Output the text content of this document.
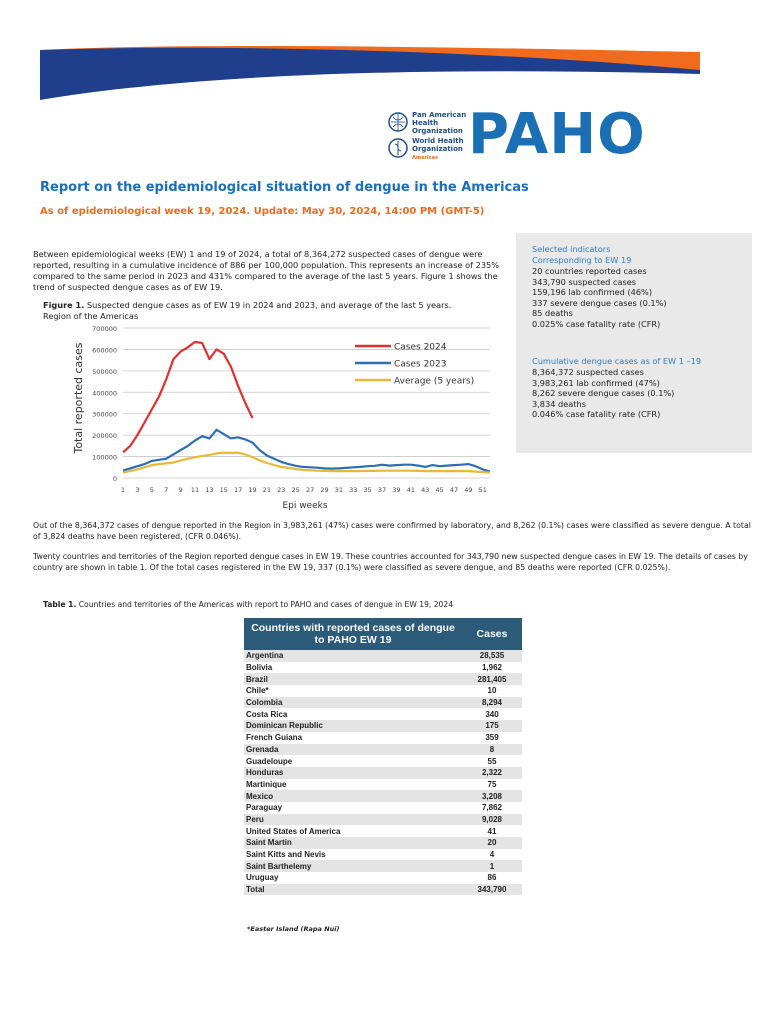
Pan American
Health
Organization
World Health
Organization
Americas PAHO
Report on the epidemiological situation of dengue in the Americas
As of epidemiological week 19, 2024. Update: May 30, 2024, 14:00 PM (GMT-5)
Between epidemiological weeks (EW) 1 and 19 of 2024, a total of 8,364,272 suspected cases of dengue were reported, resulting in a cumulative incidence of 886 per 100,000 population. This represents an increase of 235% compared to the same period in 2023 and 431% compared to the average of the last 5 years. Figure 1 shows the trend of suspected dengue cases as of EW 19.
Selected indicators
Corresponding to EW 19
20 countries reported cases
343,790 suspected cases
159,196 lab confirmed (46%)
337 severe dengue cases (0.1%)
85 deaths
0.025% case fatality rate (CFR)
Cumulative dengue cases as of EW 1 –19
8,364,372 suspected cases
3,983,261 lab confirmed (47%)
8,262 severe dengue cases (0.1%)
3,834 deaths
0.046% case fatality rate (CFR)
Figure 1. Suspected dengue cases as of EW 19 in 2024 and 2023, and average of the last 5 years.
Region of the Americas
0
100000
200000
300000
400000
500000
600000
700000
1 3 5 7 9 11 13 15 17 19 21 23 25 27 29 31 33 35 37 39 41 43 45 47 49 51
Cases 2024
Cases 2023
Average (5 years)
Total reported cases
Epi weeks
Out of the 8,364,372 cases of dengue reported in the Region in 3,983,261 (47%) cases were confirmed by laboratory, and 8,262 (0.1%) cases were classified as severe dengue. A total of 3,824 deaths have been registered, (CFR 0.046%).
Twenty countries and territories of the Region reported dengue cases in EW 19. These countries accounted for 343,790 new suspected dengue cases in EW 19. The details of cases by country are shown in table 1. Of the total cases registered in the EW 19, 337 (0.1%) were classified as severe dengue, and 85 deaths were reported (CFR 0.025%).
Table 1. Countries and territories of the Americas with report to PAHO and cases of dengue in EW 19, 2024
Countries with reported cases of dengue to PAHO EW 19	Cases
Argentina	28,535
Bolivia	1,962
Brazil	281,405
Chile*	10
Colombia	8,294
Costa Rica	340
Dominican Republic	175
French Guiana	359
Grenada	8
Guadeloupe	55
Honduras	2,322
Martinique	75
Mexico	3,208
Paraguay	7,862
Peru	9,028
United States of America	41
Saint Martin	20
Saint Kitts and Nevis	4
Saint Barthelemy	1
Uruguay	86
Total	343,790
*Easter Island (Rapa Nui)
